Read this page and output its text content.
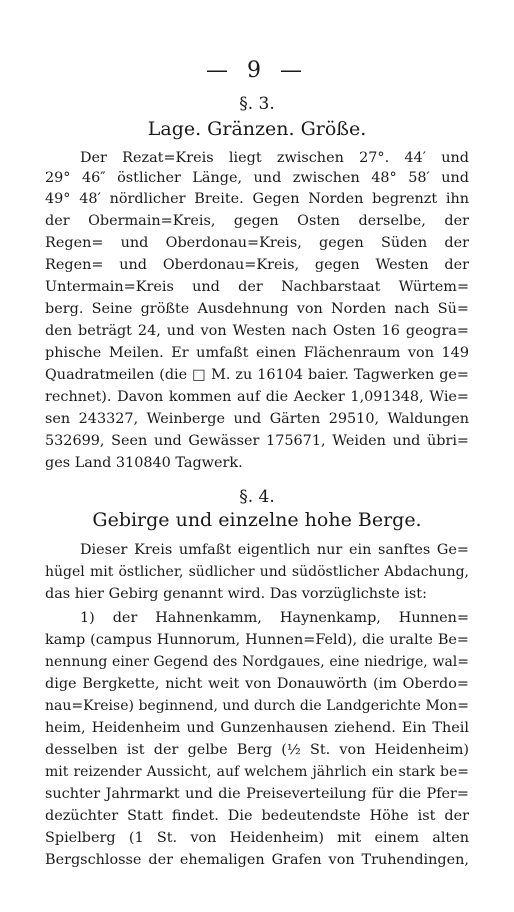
— 9 —
§. 3.
Lage. Gränzen. Größe.
Der Rezat=Kreis liegt zwischen 27°. 44′ und
29° 46″ östlicher Länge, und zwischen 48° 58′ und
49° 48′ nördlicher Breite. Gegen Norden begrenzt ihn
der Obermain=Kreis, gegen Osten derselbe, der
Regen= und Oberdonau=Kreis, gegen Süden der
Regen= und Oberdonau=Kreis, gegen Westen der
Untermain=Kreis und der Nachbarstaat Würtem=
berg. Seine größte Ausdehnung von Norden nach Sü=
den beträgt 24, und von Westen nach Osten 16 geogra=
phische Meilen. Er umfaßt einen Flächenraum von 149
Quadratmeilen (die □ M. zu 16104 baier. Tagwerken ge=
rechnet). Davon kommen auf die Aecker 1,091348, Wie=
sen 243327, Weinberge und Gärten 29510, Waldungen
532699, Seen und Gewässer 175671, Weiden und übri=
ges Land 310840 Tagwerk.
§. 4.
Gebirge und einzelne hohe Berge.
Dieser Kreis umfaßt eigentlich nur ein sanftes Ge=
hügel mit östlicher, südlicher und südöstlicher Abdachung,
das hier Gebirg genannt wird. Das vorzüglichste ist:
1) der Hahnenkamm, Haynenkamp, Hunnen=
kamp (campus Hunnorum, Hunnen=Feld), die uralte Be=
nennung einer Gegend des Nordgaues, eine niedrige, wal=
dige Bergkette, nicht weit von Donauwörth (im Oberdo=
nau=Kreise) beginnend, und durch die Landgerichte Mon=
heim, Heidenheim und Gunzenhausen ziehend. Ein Theil
desselben ist der gelbe Berg (½ St. von Heidenheim)
mit reizender Aussicht, auf welchem jährlich ein stark be=
suchter Jahrmarkt und die Preiseverteilung für die Pfer=
dezüchter Statt findet. Die bedeutendste Höhe ist der
Spielberg (1 St. von Heidenheim) mit einem alten
Bergschlosse der ehemaligen Grafen von Truhendingen,
